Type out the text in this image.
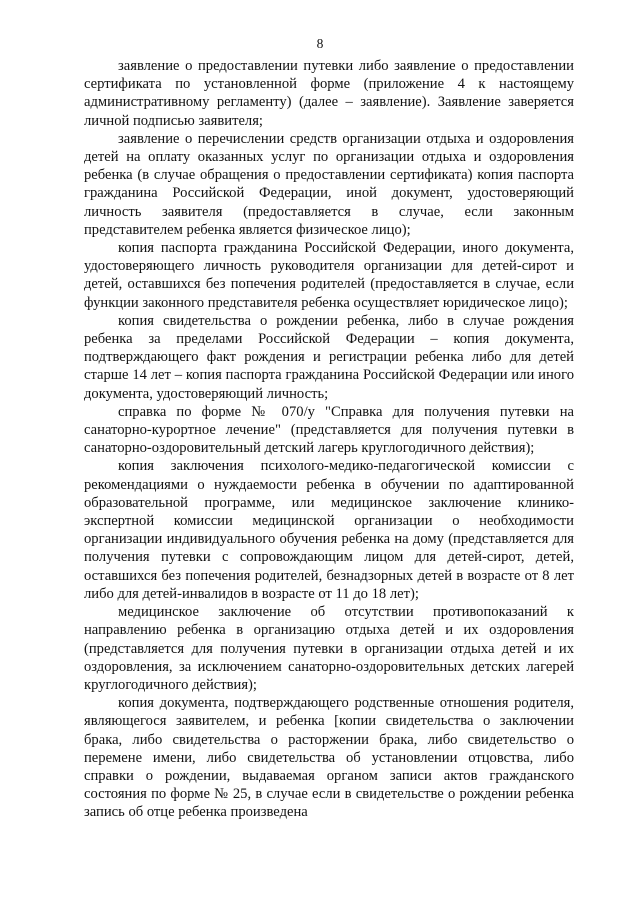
8

заявление о предоставлении путевки либо заявление о предоставлении сертификата по установленной форме (приложение 4 к настоящему административному регламенту) (далее – заявление). Заявление заверяется личной подписью заявителя;

заявление о перечислении средств организации отдыха и оздоровления детей на оплату оказанных услуг по организации отдыха и оздоровления ребенка (в случае обращения о предоставлении сертификата) копия паспорта гражданина Российской Федерации, иной документ, удостоверяющий личность заявителя (предоставляется в случае, если законным представителем ребенка является физическое лицо);

копия паспорта гражданина Российской Федерации, иного документа, удостоверяющего личность руководителя организации для детей-сирот и детей, оставшихся без попечения родителей (предоставляется в случае, если функции законного представителя ребенка осуществляет юридическое лицо);

копия свидетельства о рождении ребенка, либо в случае рождения ребенка за пределами Российской Федерации – копия документа, подтверждающего факт рождения и регистрации ребенка либо для детей старше 14 лет – копия паспорта гражданина Российской Федерации или иного документа, удостоверяющий личность;

справка по форме № 070/у "Справка для получения путевки на санаторно-курортное лечение" (представляется для получения путевки в санаторно-оздоровительный детский лагерь круглогодичного действия);

копия заключения психолого-медико-педагогической комиссии с рекомендациями о нуждаемости ребенка в обучении по адаптированной образовательной программе, или медицинское заключение клинико-экспертной комиссии медицинской организации о необходимости организации индивидуального обучения ребенка на дому (представляется для получения путевки с сопровождающим лицом для детей-сирот, детей, оставшихся без попечения родителей, безнадзорных детей в возрасте от 8 лет либо для детей-инвалидов в возрасте от 11 до 18 лет);

медицинское заключение об отсутствии противопоказаний к направлению ребенка в организацию отдыха детей и их оздоровления (представляется для получения путевки в организации отдыха детей и их оздоровления, за исключением санаторно-оздоровительных детских лагерей круглогодичного действия);

копия документа, подтверждающего родственные отношения родителя, являющегося заявителем, и ребенка [копии свидетельства о заключении брака, либо свидетельства о расторжении брака, либо свидетельство о перемене имени, либо свидетельства об установлении отцовства, либо справки о рождении, выдаваемая органом записи актов гражданского состояния по форме № 25, в случае если в свидетельстве о рождении ребенка запись об отце ребенка произведена
